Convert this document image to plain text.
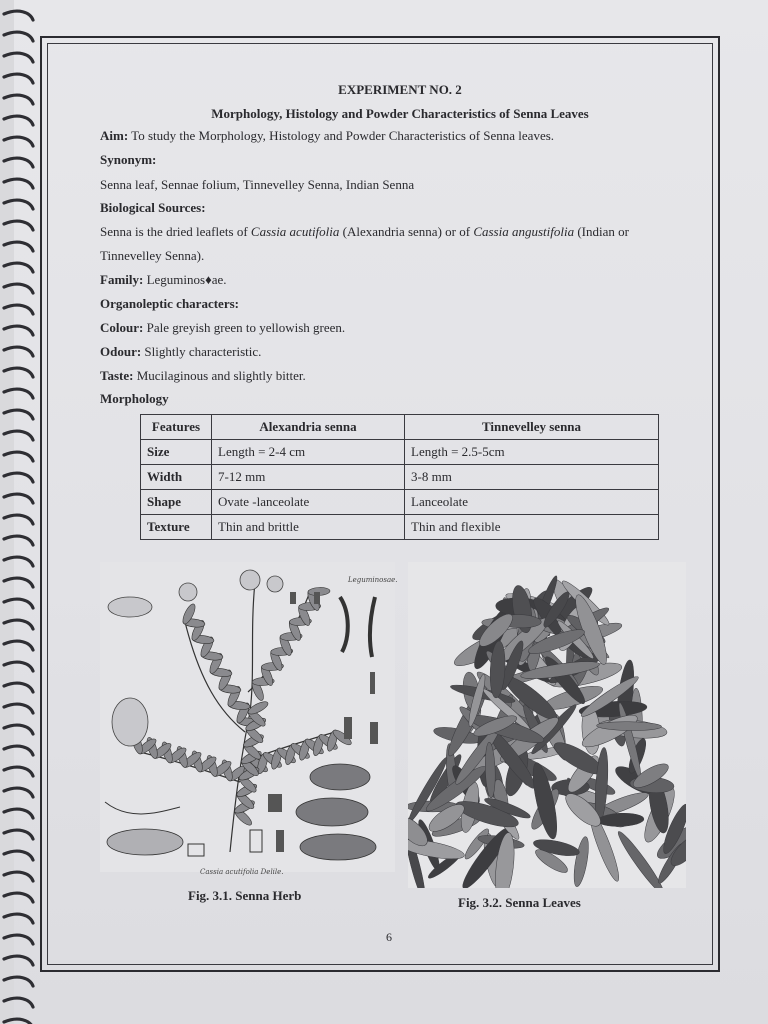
EXPERIMENT NO. 2
Morphology, Histology and Powder Characteristics of Senna Leaves
Aim: To study the Morphology, Histology and Powder Characteristics of Senna leaves.
Synonym:
Senna leaf, Sennae folium, Tinnevelley Senna, Indian Senna
Biological Sources:
Senna is the dried leaflets of Cassia acutifolia (Alexandria senna) or of Cassia angustifolia (Indian or
Tinnevelley Senna).
Family: Leguminos♦ae.
Organoleptic characters:
Colour: Pale greyish green to yellowish green.
Odour: Slightly characteristic.
Taste: Mucilaginous and slightly bitter.
Morphology
Features	Alexandria senna	Tinnevelley senna
Size	Length = 2-4 cm	Length = 2.5-5cm
Width	7-12 mm	3-8 mm
Shape	Ovate -lanceolate	Lanceolate
Texture	Thin and brittle	Thin and flexible
Leguminosae.
Cassia acutifolia Delile.
Fig. 3.1. Senna Herb	Fig. 3.2. Senna Leaves
6
